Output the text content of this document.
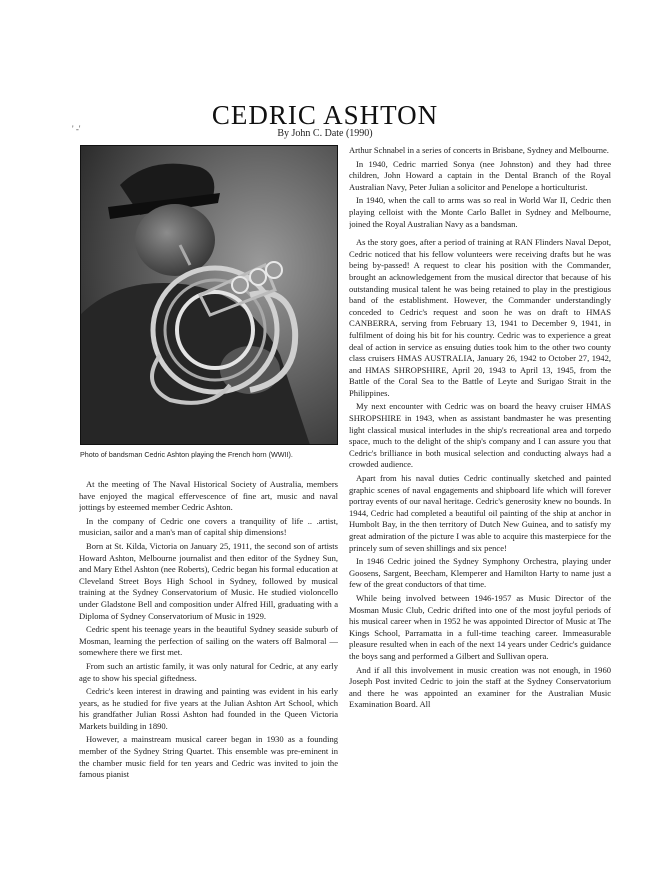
' -'	CEDRIC ASHTON
By John C. Date (1990)
Photo of bandsman Cedric Ashton playing the French horn (WWII).

At the meeting of The Naval Historical Society of Australia, members have enjoyed the magical effervescence of fine art, music and naval jottings by esteemed member Cedric Ashton.

In the company of Cedric one covers a tranquility of life .. .artist, musician, sailor and a man's man of capital ship dimensions!

Born at St. Kilda, Victoria on January 25, 1911, the second son of artists Howard Ashton, Melbourne journalist and then editor of the Sydney Sun, and Mary Ethel Ashton (nee Roberts), Cedric began his formal education at Cleveland Street Boys High School in Sydney, followed by musical training at the Sydney Conservatorium of Music. He studied violoncello under Gladstone Bell and composition under Alfred Hill, graduating with a Diploma of Sydney Conservatorium of Music in 1929.

Cedric spent his teenage years in the beautiful Sydney seaside suburb of Mosman, learning the perfection of sailing on the waters off Balmoral — somewhere there we first met.

From such an artistic family, it was only natural for Cedric, at any early age to show his special giftedness.

Cedric's keen interest in drawing and painting was evident in his early years, as he studied for five years at the Julian Ashton Art School, which his grandfather Julian Rossi Ashton had founded in the Queen Victoria Markets building in 1890.

However, a mainstream musical career began in 1930 as a founding member of the Sydney String Quartet. This ensemble was pre-eminent in the chamber music field for ten years and Cedric was invited to join the famous pianist

Arthur Schnabel in a series of concerts in Brisbane, Sydney and Melbourne.

In 1940, Cedric married Sonya (nee Johnston) and they had three children, John Howard a captain in the Dental Branch of the Royal Australian Navy, Peter Julian a solicitor and Penelope a horticulturist.

In 1940, when the call to arms was so real in World War II, Cedric then playing celloist with the Monte Carlo Ballet in Sydney and Melbourne, joined the Royal Australian Navy as a bandsman.

As the story goes, after a period of training at RAN Flinders Naval Depot, Cedric noticed that his fellow volunteers were receiving drafts but he was being by-passed! A request to clear his position with the Commander, brought an acknowledgement from the musical director that because of his outstanding musical talent he was being retained to play in the prestigious band of the establishment. However, the Commander understandingly conceded to Cedric's request and soon he was on draft to HMAS CANBERRA, serving from February 13, 1941 to December 9, 1941, in fulfilment of doing his bit for his country. Cedric was to experience a great deal of action in service as ensuing duties took him to the other two county class cruisers HMAS AUSTRALIA, January 26, 1942 to October 27, 1942, and HMAS SHROPSHIRE, April 20, 1943 to April 13, 1945, from the Battle of the Coral Sea to the Battle of Leyte and Surigao Strait in the Philippines.

My next encounter with Cedric was on board the heavy cruiser HMAS SHROPSHIRE in 1943, when as assistant bandmaster he was presenting light classical musical interludes in the ship's recreational area and torpedo space, much to the delight of the ship's company and I can assure you that Cedric's brilliance in both musical selection and conducting always had a crowded audience.

Apart from his naval duties Cedric continually sketched and painted graphic scenes of naval engagements and shipboard life which will forever portray events of our naval heritage. Cedric's generosity knew no bounds. In 1944, Cedric had completed a beautiful oil painting of the ship at anchor in Humbolt Bay, in the then territory of Dutch New Guinea, and to satisfy my great admiration of the picture I was able to acquire this masterpiece for the princely sum of seven shillings and six pence!

In 1946 Cedric joined the Sydney Symphony Orchestra, playing under Goosens, Sargent, Beecham, Klemperer and Hamilton Harty to name just a few of the great conductors of that time.

While being involved between 1946-1957 as Music Director of the Mosman Music Club, Cedric drifted into one of the most joyful periods of his musical career when in 1952 he was appointed Director of Music at The Kings School, Parramatta in a full-time teaching career. Immeasurable pleasure resulted when in each of the next 14 years under Cedric's guidance the boys sang and performed a Gilbert and Sullivan opera.

And if all this involvement in music creation was not enough, in 1960 Joseph Post invited Cedric to join the staff at the Sydney Conservatorium and there he was appointed an examiner for the Australian Music Examination Board. All
